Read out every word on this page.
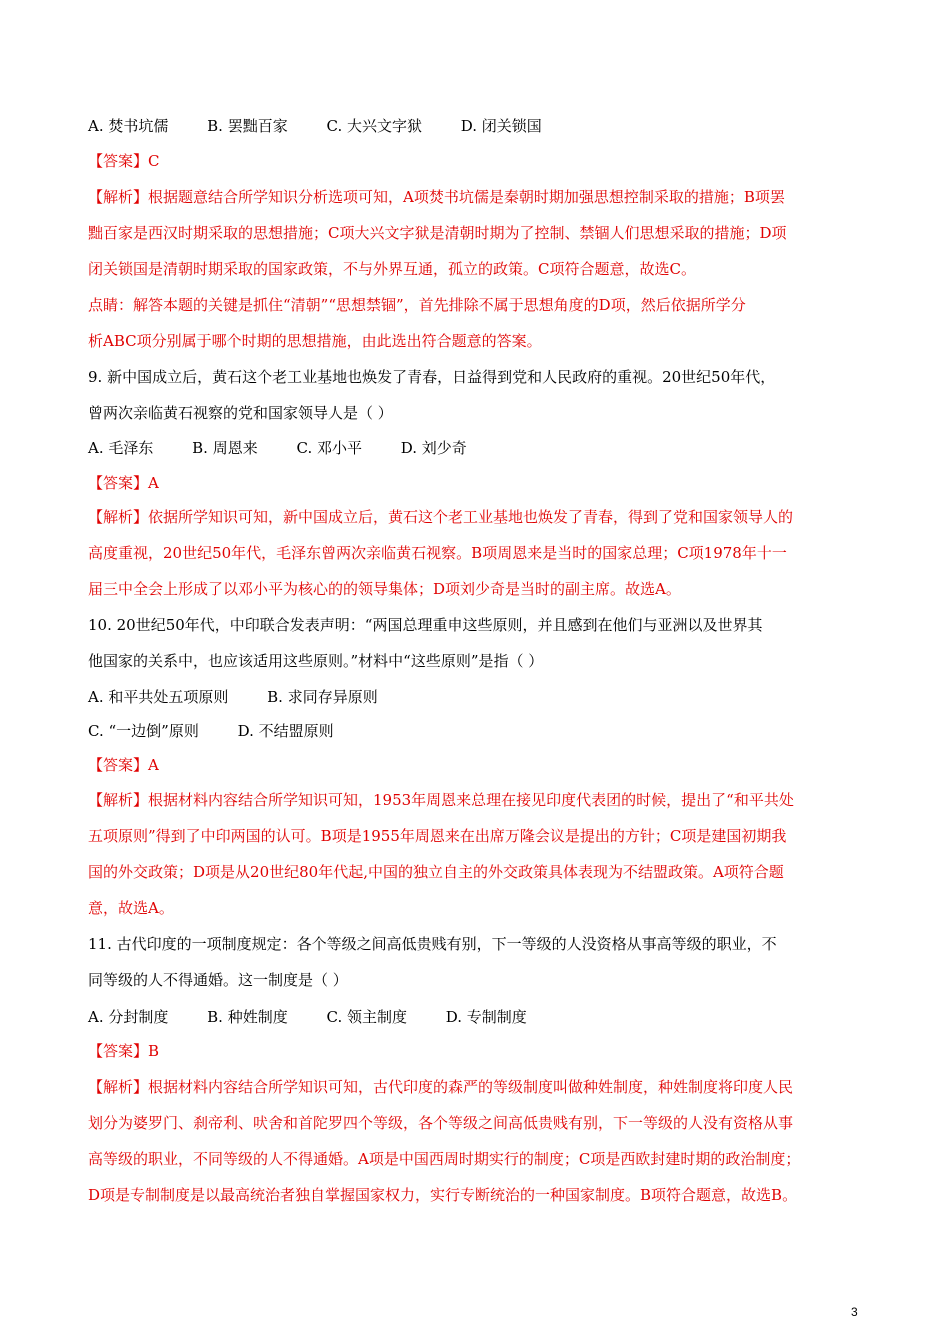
A. 焚书坑儒	B. 罢黜百家	C. 大兴文字狱	D. 闭关锁国
【答案】C
【解析】根据题意结合所学知识分析选项可知，A项焚书坑儒是秦朝时期加强思想控制采取的措施；B项罢
黜百家是西汉时期采取的思想措施；C项大兴文字狱是清朝时期为了控制、禁锢人们思想采取的措施；D项
闭关锁国是清朝时期采取的国家政策，不与外界互通，孤立的政策。C项符合题意，故选C。
点睛：解答本题的关键是抓住“清朝”“思想禁锢”，首先排除不属于思想角度的D项，然后依据所学分
析ABC项分别属于哪个时期的思想措施，由此选出符合题意的答案。
9. 新中国成立后，黄石这个老工业基地也焕发了青春，日益得到党和人民政府的重视。20世纪50年代，
曾两次亲临黄石视察的党和国家领导人是（ ）
A. 毛泽东	B. 周恩来	C. 邓小平	D. 刘少奇
【答案】A
【解析】依据所学知识可知，新中国成立后，黄石这个老工业基地也焕发了青春，得到了党和国家领导人的
高度重视，20世纪50年代，毛泽东曾两次亲临黄石视察。B项周恩来是当时的国家总理；C项1978年十一
届三中全会上形成了以邓小平为核心的的领导集体；D项刘少奇是当时的副主席。故选A。
10. 20世纪50年代，中印联合发表声明：“两国总理重申这些原则，并且感到在他们与亚洲以及世界其
他国家的关系中，也应该适用这些原则。”材料中“这些原则”是指（ ）
A. 和平共处五项原则	B. 求同存异原则
C. “一边倒”原则	D. 不结盟原则
【答案】A
【解析】根据材料内容结合所学知识可知，1953年周恩来总理在接见印度代表团的时候，提出了“和平共处
五项原则”得到了中印两国的认可。B项是1955年周恩来在出席万隆会议是提出的方针；C项是建国初期我
国的外交政策；D项是从20世纪80年代起,中国的独立自主的外交政策具体表现为不结盟政策。A项符合题
意，故选A。
11. 古代印度的一项制度规定：各个等级之间高低贵贱有别，下一等级的人没资格从事高等级的职业，不
同等级的人不得通婚。这一制度是（ ）
A. 分封制度	B. 种姓制度	C. 领主制度	D. 专制制度
【答案】B
【解析】根据材料内容结合所学知识可知，古代印度的森严的等级制度叫做种姓制度，种姓制度将印度人民
划分为婆罗门、刹帝利、吠舍和首陀罗四个等级，各个等级之间高低贵贱有别，下一等级的人没有资格从事
高等级的职业，不同等级的人不得通婚。A项是中国西周时期实行的制度；C项是西欧封建时期的政治制度；
D项是专制制度是以最高统治者独自掌握国家权力，实行专断统治的一种国家制度。B项符合题意，故选B。
3
